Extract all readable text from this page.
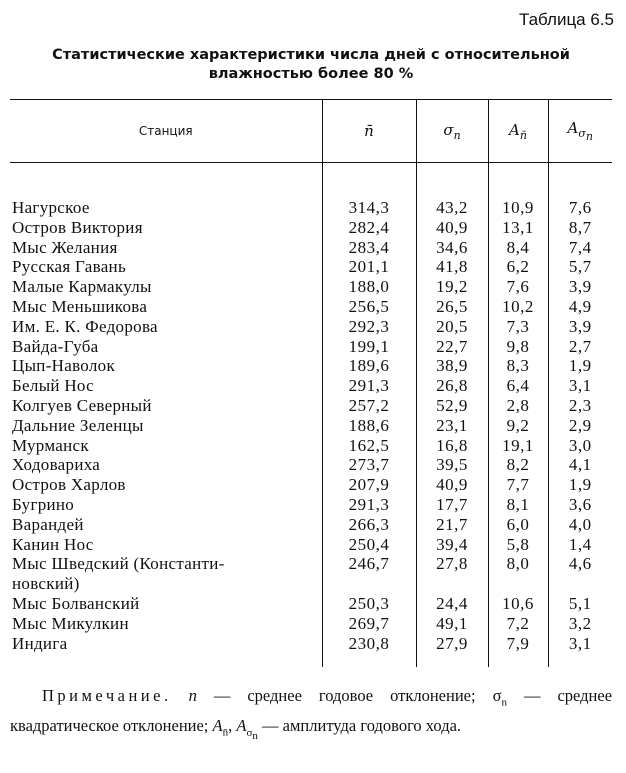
Таблица 6.5
Статистические характеристики числа дней с относительной
влажностью более 80 %
Станция	n̄	$\sigma_n$	$A_{n̄}$	$A_{\sigma_n}$

Нагурское	314,3	43,2	10,9	7,6
Остров Виктория	282,4	40,9	13,1	8,7
Мыс Желания	283,4	34,6	8,4	7,4
Русская Гавань	201,1	41,8	6,2	5,7
Малые Кармакулы	188,0	19,2	7,6	3,9
Мыс Меньшикова	256,5	26,5	10,2	4,9
Им. Е. К. Федорова	292,3	20,5	7,3	3,9
Вайда-Губа	199,1	22,7	9,8	2,7
Цып-Наволок	189,6	38,9	8,3	1,9
Белый Нос	291,3	26,8	6,4	3,1
Колгуев Северный	257,2	52,9	2,8	2,3
Дальние Зеленцы	188,6	23,1	9,2	2,9
Мурманск	162,5	16,8	19,1	3,0
Ходовариха	273,7	39,5	8,2	4,1
Остров Харлов	207,9	40,9	7,7	1,9
Бугрино	291,3	17,7	8,1	3,6
Варандей	266,3	21,7	6,0	4,0
Канин Нос	250,4	39,4	5,8	1,4
Мыс Шведский (Константи-	246,7	27,8	8,0	4,6
новский)				
Мыс Болванский	250,3	24,4	10,6	5,1
Мыс Микулкин	269,7	49,1	7,2	3,2
Индига	230,8	27,9	7,9	3,1
Примечание. n — среднее годовое отклонение; $\sigma_n$ — среднее квадратическое отклонение; $A_{n̄}$, $A_{\sigma_n}$ — амплитуда годового хода.
